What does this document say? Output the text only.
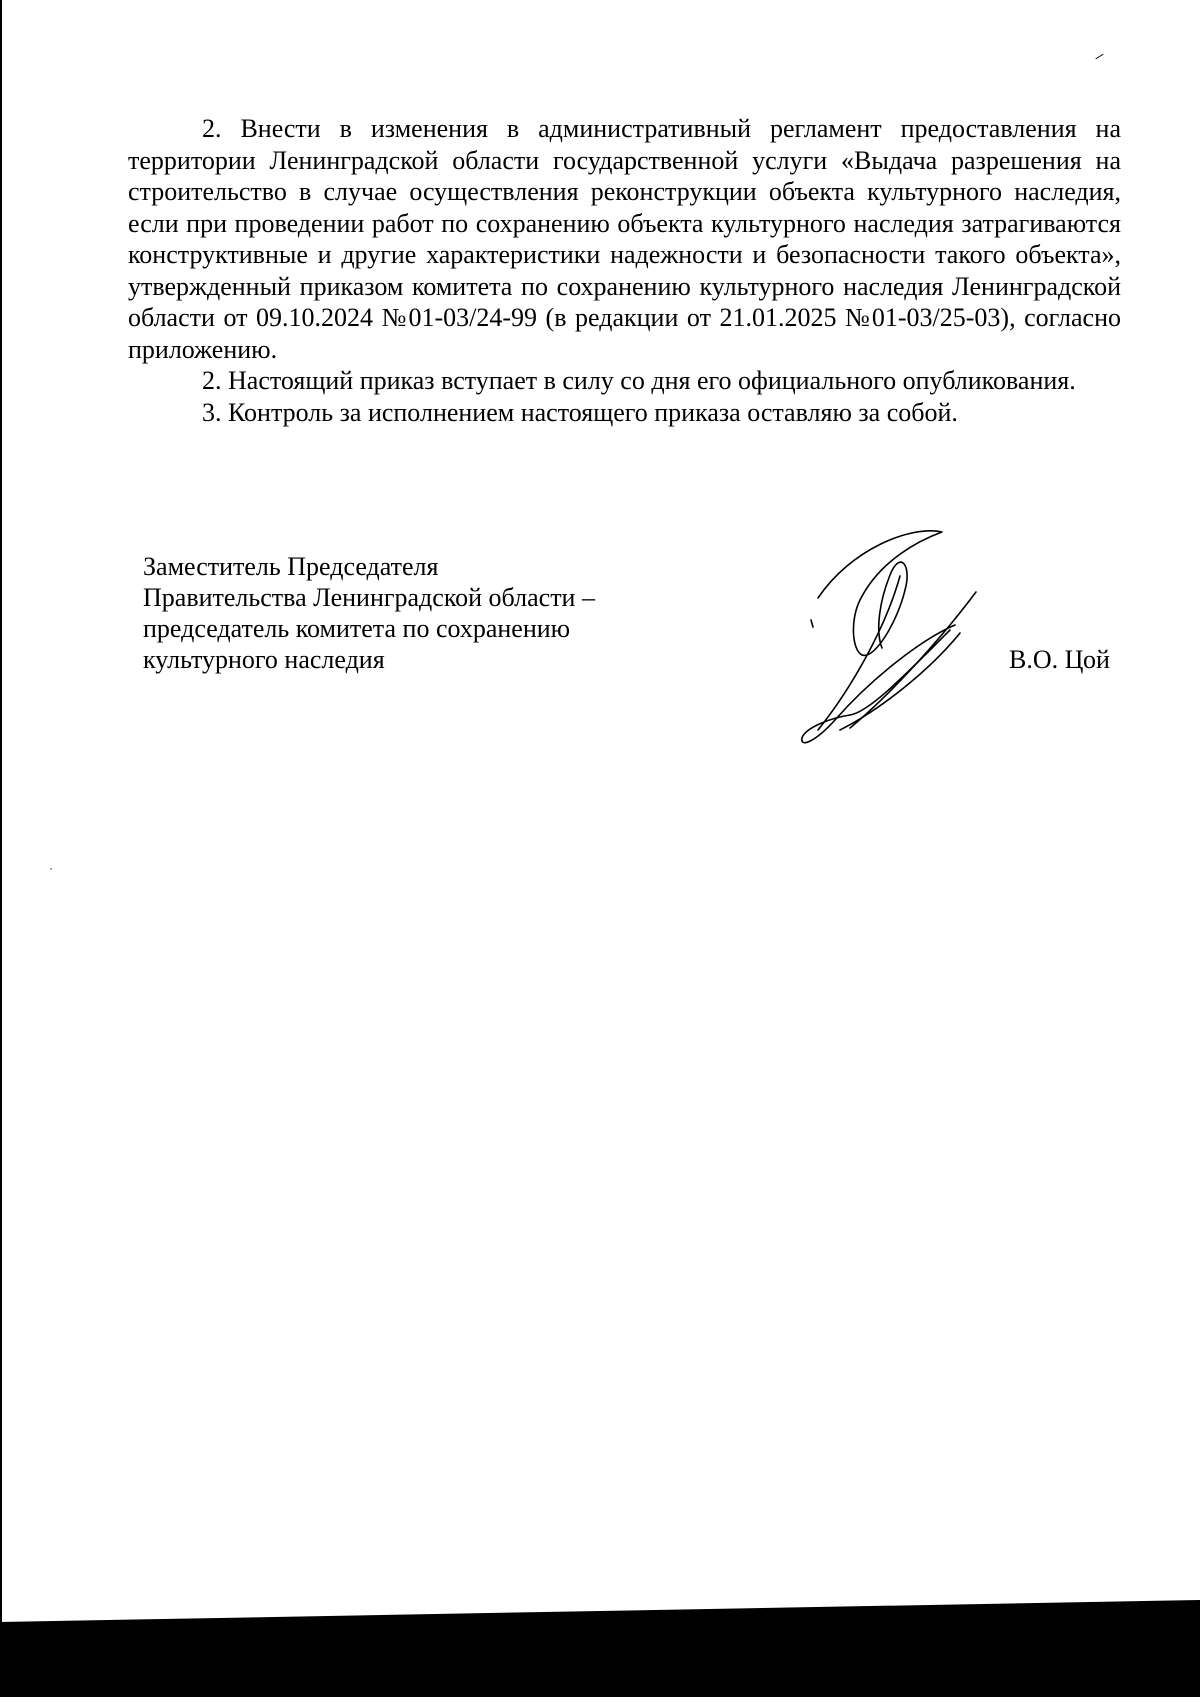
2. Внести в изменения в административный регламент предоставления на территории Ленинградской области государственной услуги «Выдача разрешения на строительство в случае осуществления реконструкции объекта культурного наследия, если при проведении работ по сохранению объекта культурного наследия затрагиваются конструктивные и другие характеристики надежности и безопасности такого объекта», утвержденный приказом комитета по сохранению культурного наследия Ленинградской области от 09.10.2024 №01-03/24-99 (в редакции от 21.01.2025 №01-03/25-03), согласно приложению.

2. Настоящий приказ вступает в силу со дня его официального опубликования.

3. Контроль за исполнением настоящего приказа оставляю за собой.

Заместитель Председателя
Правительства Ленинградской области –
председатель комитета по сохранению
культурного наследия	В.О. Цой
